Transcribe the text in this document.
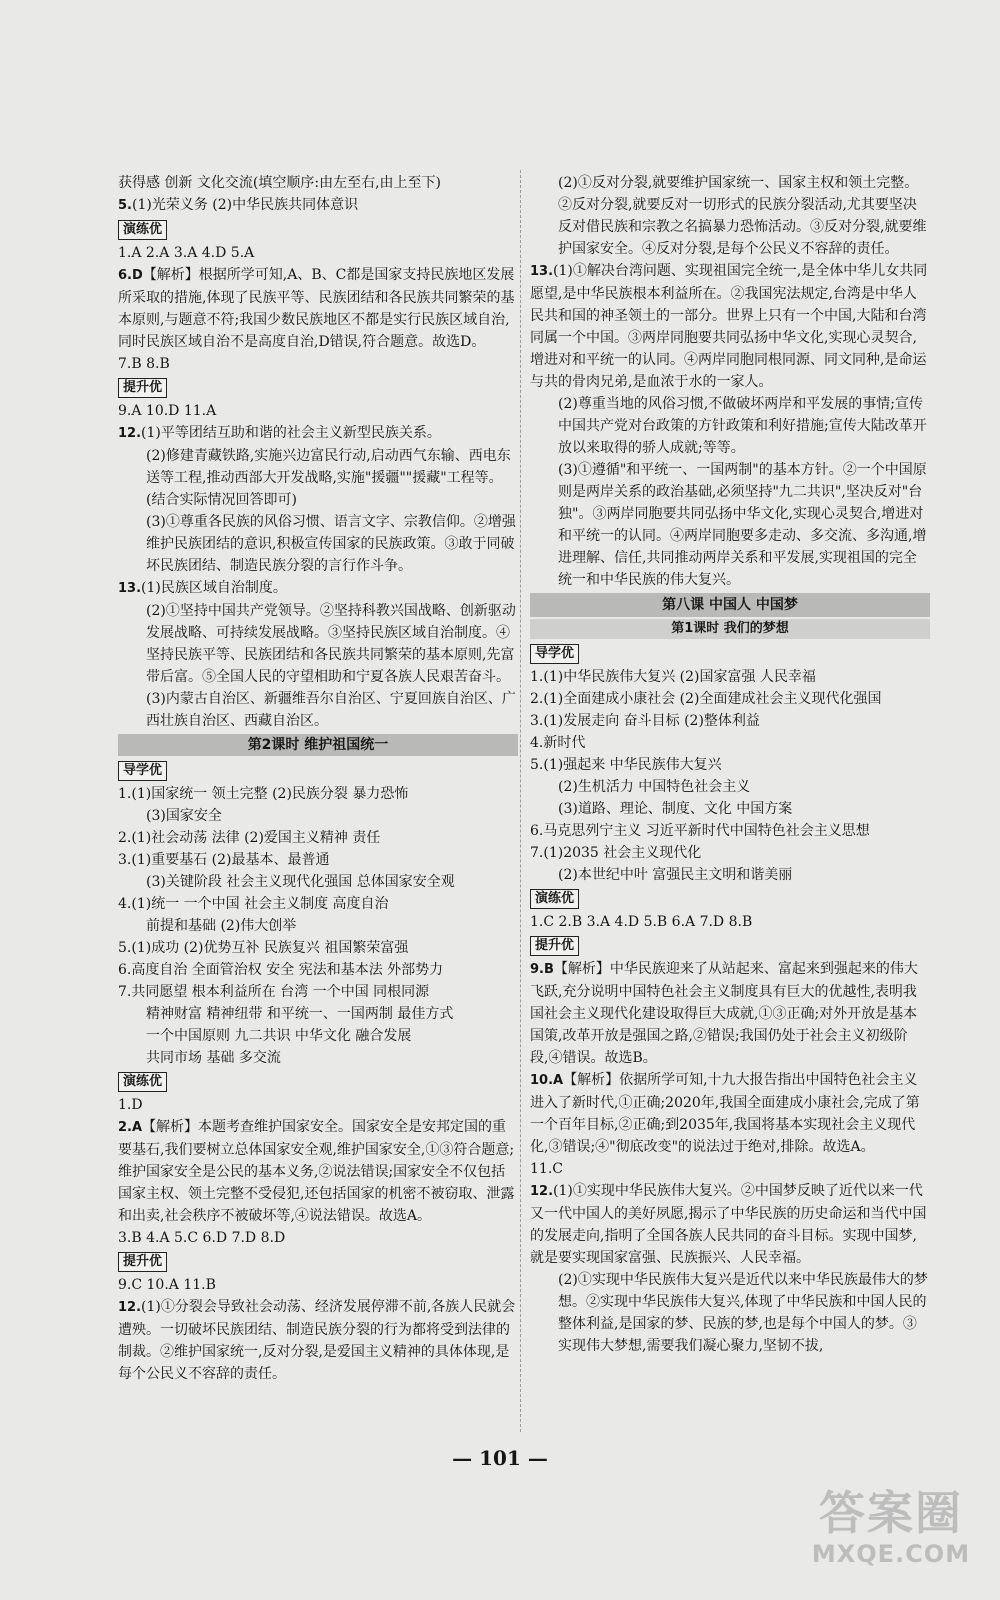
获得感 创新 文化交流(填空顺序:由左至右,由上至下)
5.(1)光荣义务 (2)中华民族共同体意识
演练优
1.A 2.A 3.A 4.D 5.A
6.D【解析】根据所学可知,A、B、C都是国家支持民族地区发展所采取的措施,体现了民族平等、民族团结和各民族共同繁荣的基本原则,与题意不符;我国少数民族地区不都是实行民族区域自治,同时民族区域自治不是高度自治,D错误,符合题意。故选D。
7.B 8.B
提升优
9.A 10.D 11.A
12.(1)平等团结互助和谐的社会主义新型民族关系。
(2)修建青藏铁路,实施兴边富民行动,启动西气东输、西电东送等工程,推动西部大开发战略,实施"援疆""援藏"工程等。(结合实际情况回答即可)
(3)①尊重各民族的风俗习惯、语言文字、宗教信仰。②增强维护民族团结的意识,积极宣传国家的民族政策。③敢于同破坏民族团结、制造民族分裂的言行作斗争。
13.(1)民族区域自治制度。
(2)①坚持中国共产党领导。②坚持科教兴国战略、创新驱动发展战略、可持续发展战略。③坚持民族区域自治制度。④坚持民族平等、民族团结和各民族共同繁荣的基本原则,先富带后富。⑤全国人民的守望相助和宁夏各族人民艰苦奋斗。
(3)内蒙古自治区、新疆维吾尔自治区、宁夏回族自治区、广西壮族自治区、西藏自治区。
第2课时 维护祖国统一
导学优
1.(1)国家统一 领土完整 (2)民族分裂 暴力恐怖
(3)国家安全
2.(1)社会动荡 法律 (2)爱国主义精神 责任
3.(1)重要基石 (2)最基本、最普通
(3)关键阶段 社会主义现代化强国 总体国家安全观
4.(1)统一 一个中国 社会主义制度 高度自治
前提和基础 (2)伟大创举
5.(1)成功 (2)优势互补 民族复兴 祖国繁荣富强
6.高度自治 全面管治权 安全 宪法和基本法 外部势力
7.共同愿望 根本利益所在 台湾 一个中国 同根同源
精神财富 精神纽带 和平统一、一国两制 最佳方式
一个中国原则 九二共识 中华文化 融合发展
共同市场 基础 多交流
演练优
1.D
2.A【解析】本题考查维护国家安全。国家安全是安邦定国的重要基石,我们要树立总体国家安全观,维护国家安全,①③符合题意;维护国家安全是公民的基本义务,②说法错误;国家安全不仅包括国家主权、领土完整不受侵犯,还包括国家的机密不被窃取、泄露和出卖,社会秩序不被破坏等,④说法错误。故选A。
3.B 4.A 5.C 6.D 7.D 8.D
提升优
9.C 10.A 11.B
12.(1)①分裂会导致社会动荡、经济发展停滞不前,各族人民就会遭殃。一切破坏民族团结、制造民族分裂的行为都将受到法律的制裁。②维护国家统一,反对分裂,是爱国主义精神的具体体现,是每个公民义不容辞的责任。
(2)①反对分裂,就要维护国家统一、国家主权和领土完整。②反对分裂,就要反对一切形式的民族分裂活动,尤其要坚决反对借民族和宗教之名搞暴力恐怖活动。③反对分裂,就要维护国家安全。④反对分裂,是每个公民义不容辞的责任。
13.(1)①解决台湾问题、实现祖国完全统一,是全体中华儿女共同愿望,是中华民族根本利益所在。②我国宪法规定,台湾是中华人民共和国的神圣领土的一部分。世界上只有一个中国,大陆和台湾同属一个中国。③两岸同胞要共同弘扬中华文化,实现心灵契合,增进对和平统一的认同。④两岸同胞同根同源、同文同种,是命运与共的骨肉兄弟,是血浓于水的一家人。
(2)尊重当地的风俗习惯,不做破坏两岸和平发展的事情;宣传中国共产党对台政策的方针政策和利好措施;宣传大陆改革开放以来取得的骄人成就;等等。
(3)①遵循"和平统一、一国两制"的基本方针。②一个中国原则是两岸关系的政治基础,必须坚持"九二共识",坚决反对"台独"。③两岸同胞要共同弘扬中华文化,实现心灵契合,增进对和平统一的认同。④两岸同胞要多走动、多交流、多沟通,增进理解、信任,共同推动两岸关系和平发展,实现祖国的完全统一和中华民族的伟大复兴。
第八课 中国人 中国梦
第1课时 我们的梦想
导学优
1.(1)中华民族伟大复兴 (2)国家富强 人民幸福
2.(1)全面建成小康社会 (2)全面建成社会主义现代化强国
3.(1)发展走向 奋斗目标 (2)整体利益
4.新时代
5.(1)强起来 中华民族伟大复兴
(2)生机活力 中国特色社会主义
(3)道路、理论、制度、文化 中国方案
6.马克思列宁主义 习近平新时代中国特色社会主义思想
7.(1)2035 社会主义现代化
(2)本世纪中叶 富强民主文明和谐美丽
演练优
1.C 2.B 3.A 4.D 5.B 6.A 7.D 8.B
提升优
9.B【解析】中华民族迎来了从站起来、富起来到强起来的伟大飞跃,充分说明中国特色社会主义制度具有巨大的优越性,表明我国社会主义现代化建设取得巨大成就,①③正确;对外开放是基本国策,改革开放是强国之路,②错误;我国仍处于社会主义初级阶段,④错误。故选B。
10.A【解析】依据所学可知,十九大报告指出中国特色社会主义进入了新时代,①正确;2020年,我国全面建成小康社会,完成了第一个百年目标,②正确;到2035年,我国将基本实现社会主义现代化,③错误;④"彻底改变"的说法过于绝对,排除。故选A。
11.C
12.(1)①实现中华民族伟大复兴。②中国梦反映了近代以来一代又一代中国人的美好夙愿,揭示了中华民族的历史命运和当代中国的发展走向,指明了全国各族人民共同的奋斗目标。实现中国梦,就是要实现国家富强、民族振兴、人民幸福。
(2)①实现中华民族伟大复兴是近代以来中华民族最伟大的梦想。②实现中华民族伟大复兴,体现了中华民族和中国人民的整体利益,是国家的梦、民族的梦,也是每个中国人的梦。③实现伟大梦想,需要我们凝心聚力,坚韧不拔,
— 101 —
答案圈
MXQE.COM
